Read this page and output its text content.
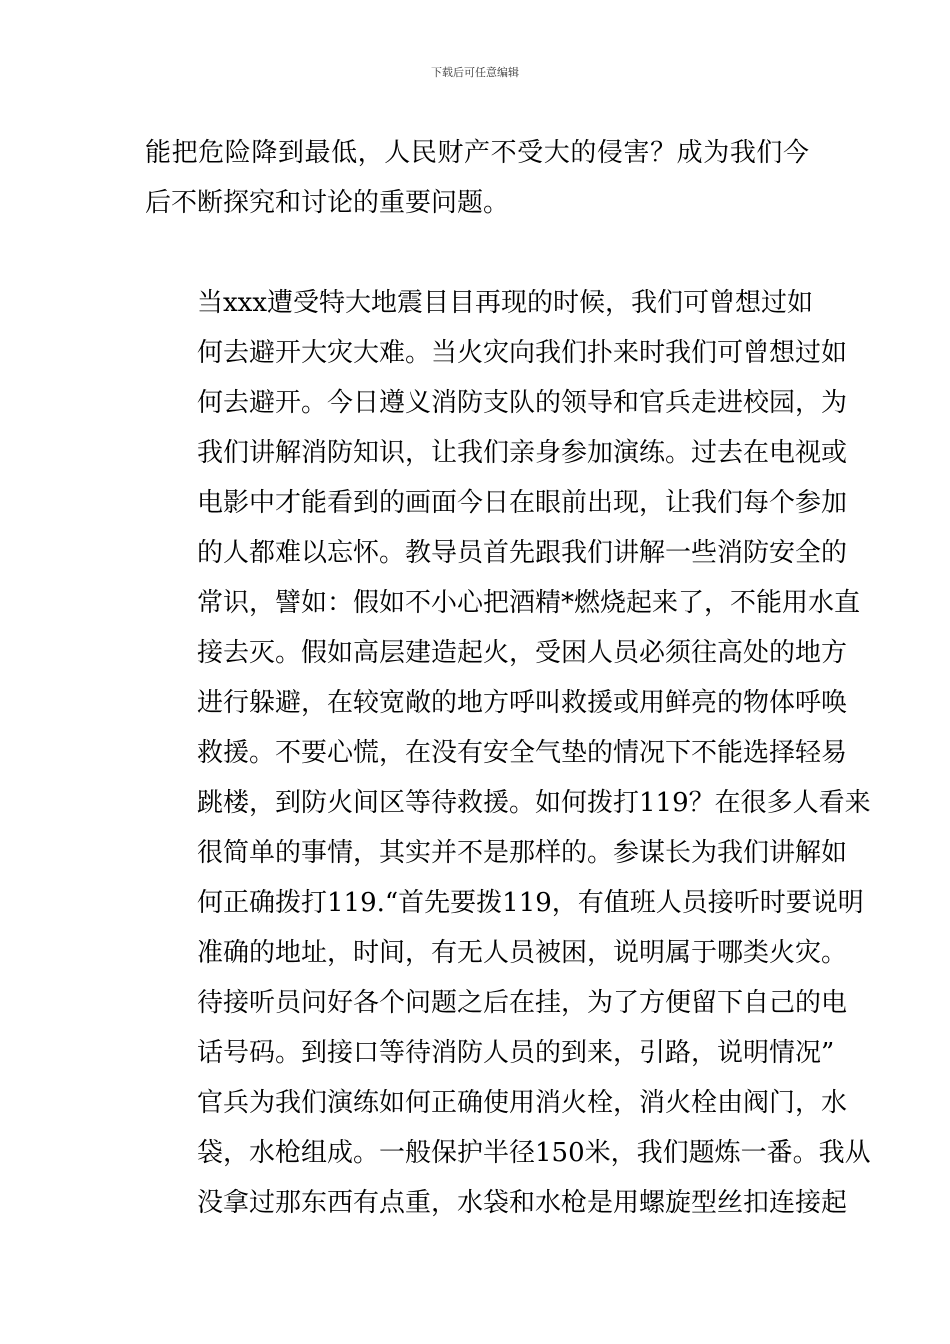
下载后可任意编辑
能把危险降到最低，人民财产不受大的侵害？成为我们今
后不断探究和讨论的重要问题。
当xxx遭受特大地震目目再现的时候，我们可曾想过如
何去避开大灾大难。当火灾向我们扑来时我们可曾想过如
何去避开。今日遵义消防支队的领导和官兵走进校园，为
我们讲解消防知识，让我们亲身参加演练。过去在电视或
电影中才能看到的画面今日在眼前出现，让我们每个参加
的人都难以忘怀。教导员首先跟我们讲解一些消防安全的
常识，譬如：假如不小心把酒精*燃烧起来了，不能用水直
接去灭。假如高层建造起火，受困人员必须往高处的地方
进行躲避，在较宽敞的地方呼叫救援或用鲜亮的物体呼唤
救援。不要心慌，在没有安全气垫的情况下不能选择轻易
跳楼，到防火间区等待救援。如何拨打119？在很多人看来
很简单的事情，其实并不是那样的。参谋长为我们讲解如
何正确拨打119.“首先要拨119，有值班人员接听时要说明
准确的地址，时间，有无人员被困，说明属于哪类火灾。
待接听员问好各个问题之后在挂，为了方便留下自己的电
话号码。到接口等待消防人员的到来，引路，说明情况”
官兵为我们演练如何正确使用消火栓，消火栓由阀门，水
袋，水枪组成。一般保护半径150米，我们题炼一番。我从
没拿过那东西有点重，水袋和水枪是用螺旋型丝扣连接起
